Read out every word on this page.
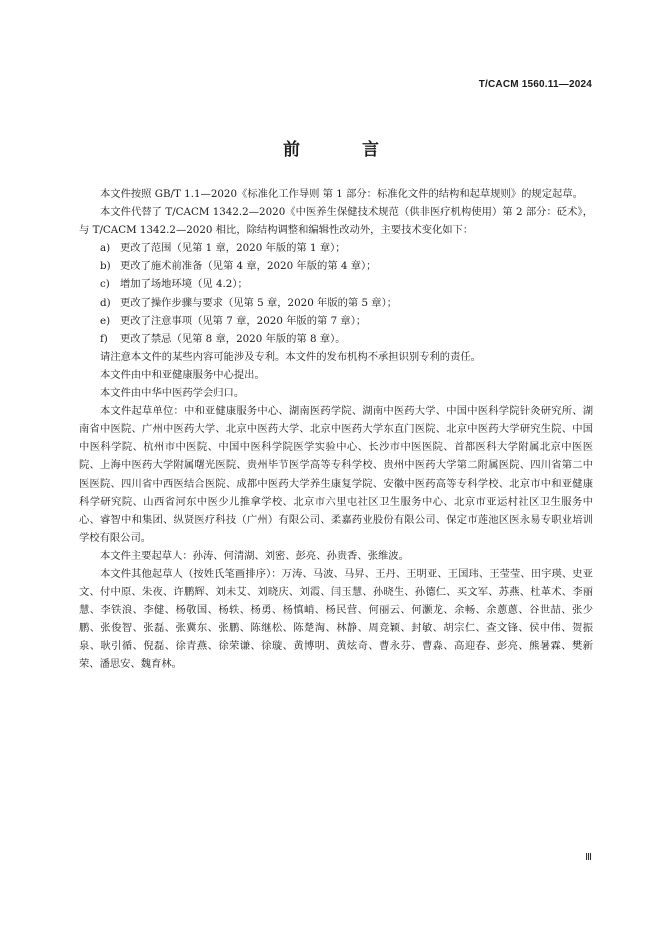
T/CACM 1560.11—2024
前 言

本文件按照 GB/T 1.1—2020《标准化工作导则 第 1 部分：标准化文件的结构和起草规则》的规定起草。

本文件代替了 T/CACM 1342.2—2020《中医养生保健技术规范（供非医疗机构使用）第 2 部分：砭术》，与 T/CACM 1342.2—2020 相比，除结构调整和编辑性改动外，主要技术变化如下：

a) 更改了范围（见第 1 章，2020 年版的第 1 章）；

b) 更改了施术前准备（见第 4 章，2020 年版的第 4 章）；

c) 增加了场地环境（见 4.2）；

d) 更改了操作步骤与要求（见第 5 章，2020 年版的第 5 章）；

e) 更改了注意事项（见第 7 章，2020 年版的第 7 章）；

f) 更改了禁忌（见第 8 章，2020 年版的第 8 章）。

请注意本文件的某些内容可能涉及专利。本文件的发布机构不承担识别专利的责任。

本文件由中和亚健康服务中心提出。

本文件由中华中医药学会归口。

本文件起草单位：中和亚健康服务中心、湖南医药学院、湖南中医药大学、中国中医科学院针灸研究所、湖南省中医院、广州中医药大学、北京中医药大学、北京中医药大学东直门医院、北京中医药大学研究生院、中国中医科学院、杭州市中医院、中国中医科学院医学实验中心、长沙市中医医院、首都医科大学附属北京中医医院、上海中医药大学附属曙光医院、贵州毕节医学高等专科学校、贵州中医药大学第二附属医院、四川省第二中医医院、四川省中西医结合医院、成都中医药大学养生康复学院、安徽中医药高等专科学校、北京市中和亚健康科学研究院、山西省河东中医少儿推拿学校、北京市六里屯社区卫生服务中心、北京市亚运村社区卫生服务中心、睿智中和集团、纵贤医疗科技（广州）有限公司、柔嘉药业股份有限公司、保定市莲池区医永易专职业培训学校有限公司。

本文件主要起草人：孙涛、何清湖、刘密、彭亮、孙贵香、张维波。

本文件其他起草人（按姓氏笔画排序）：万涛、马波、马昇、王丹、王明亚、王国玮、王莹莹、田宇瑛、史亚文、付中原、朱夜、许鹏辉、刘未艾、刘晓庆、刘霞、闫玉慧、孙晓生、孙德仁、买文军、苏燕、杜革术、李丽慧、李铁浪、李健、杨敬国、杨轶、杨勇、杨慎峭、杨民营、何丽云、何灏龙、余畅、余蔥蔥、谷世喆、张少鹏、张俊智、张磊、张冀东、张鹏、陈继松、陈楚淘、林静、周竞颖、封敏、胡宗仁、查文锋、侯中伟、贺振泉、耿引循、倪磊、徐青燕、徐荣谦、徐璇、黄博明、黄炫奇、曹永芬、曹淼、高迎春、彭亮、熊暑霖、樊新荣、潘思安、魏育林。

Ⅲ
